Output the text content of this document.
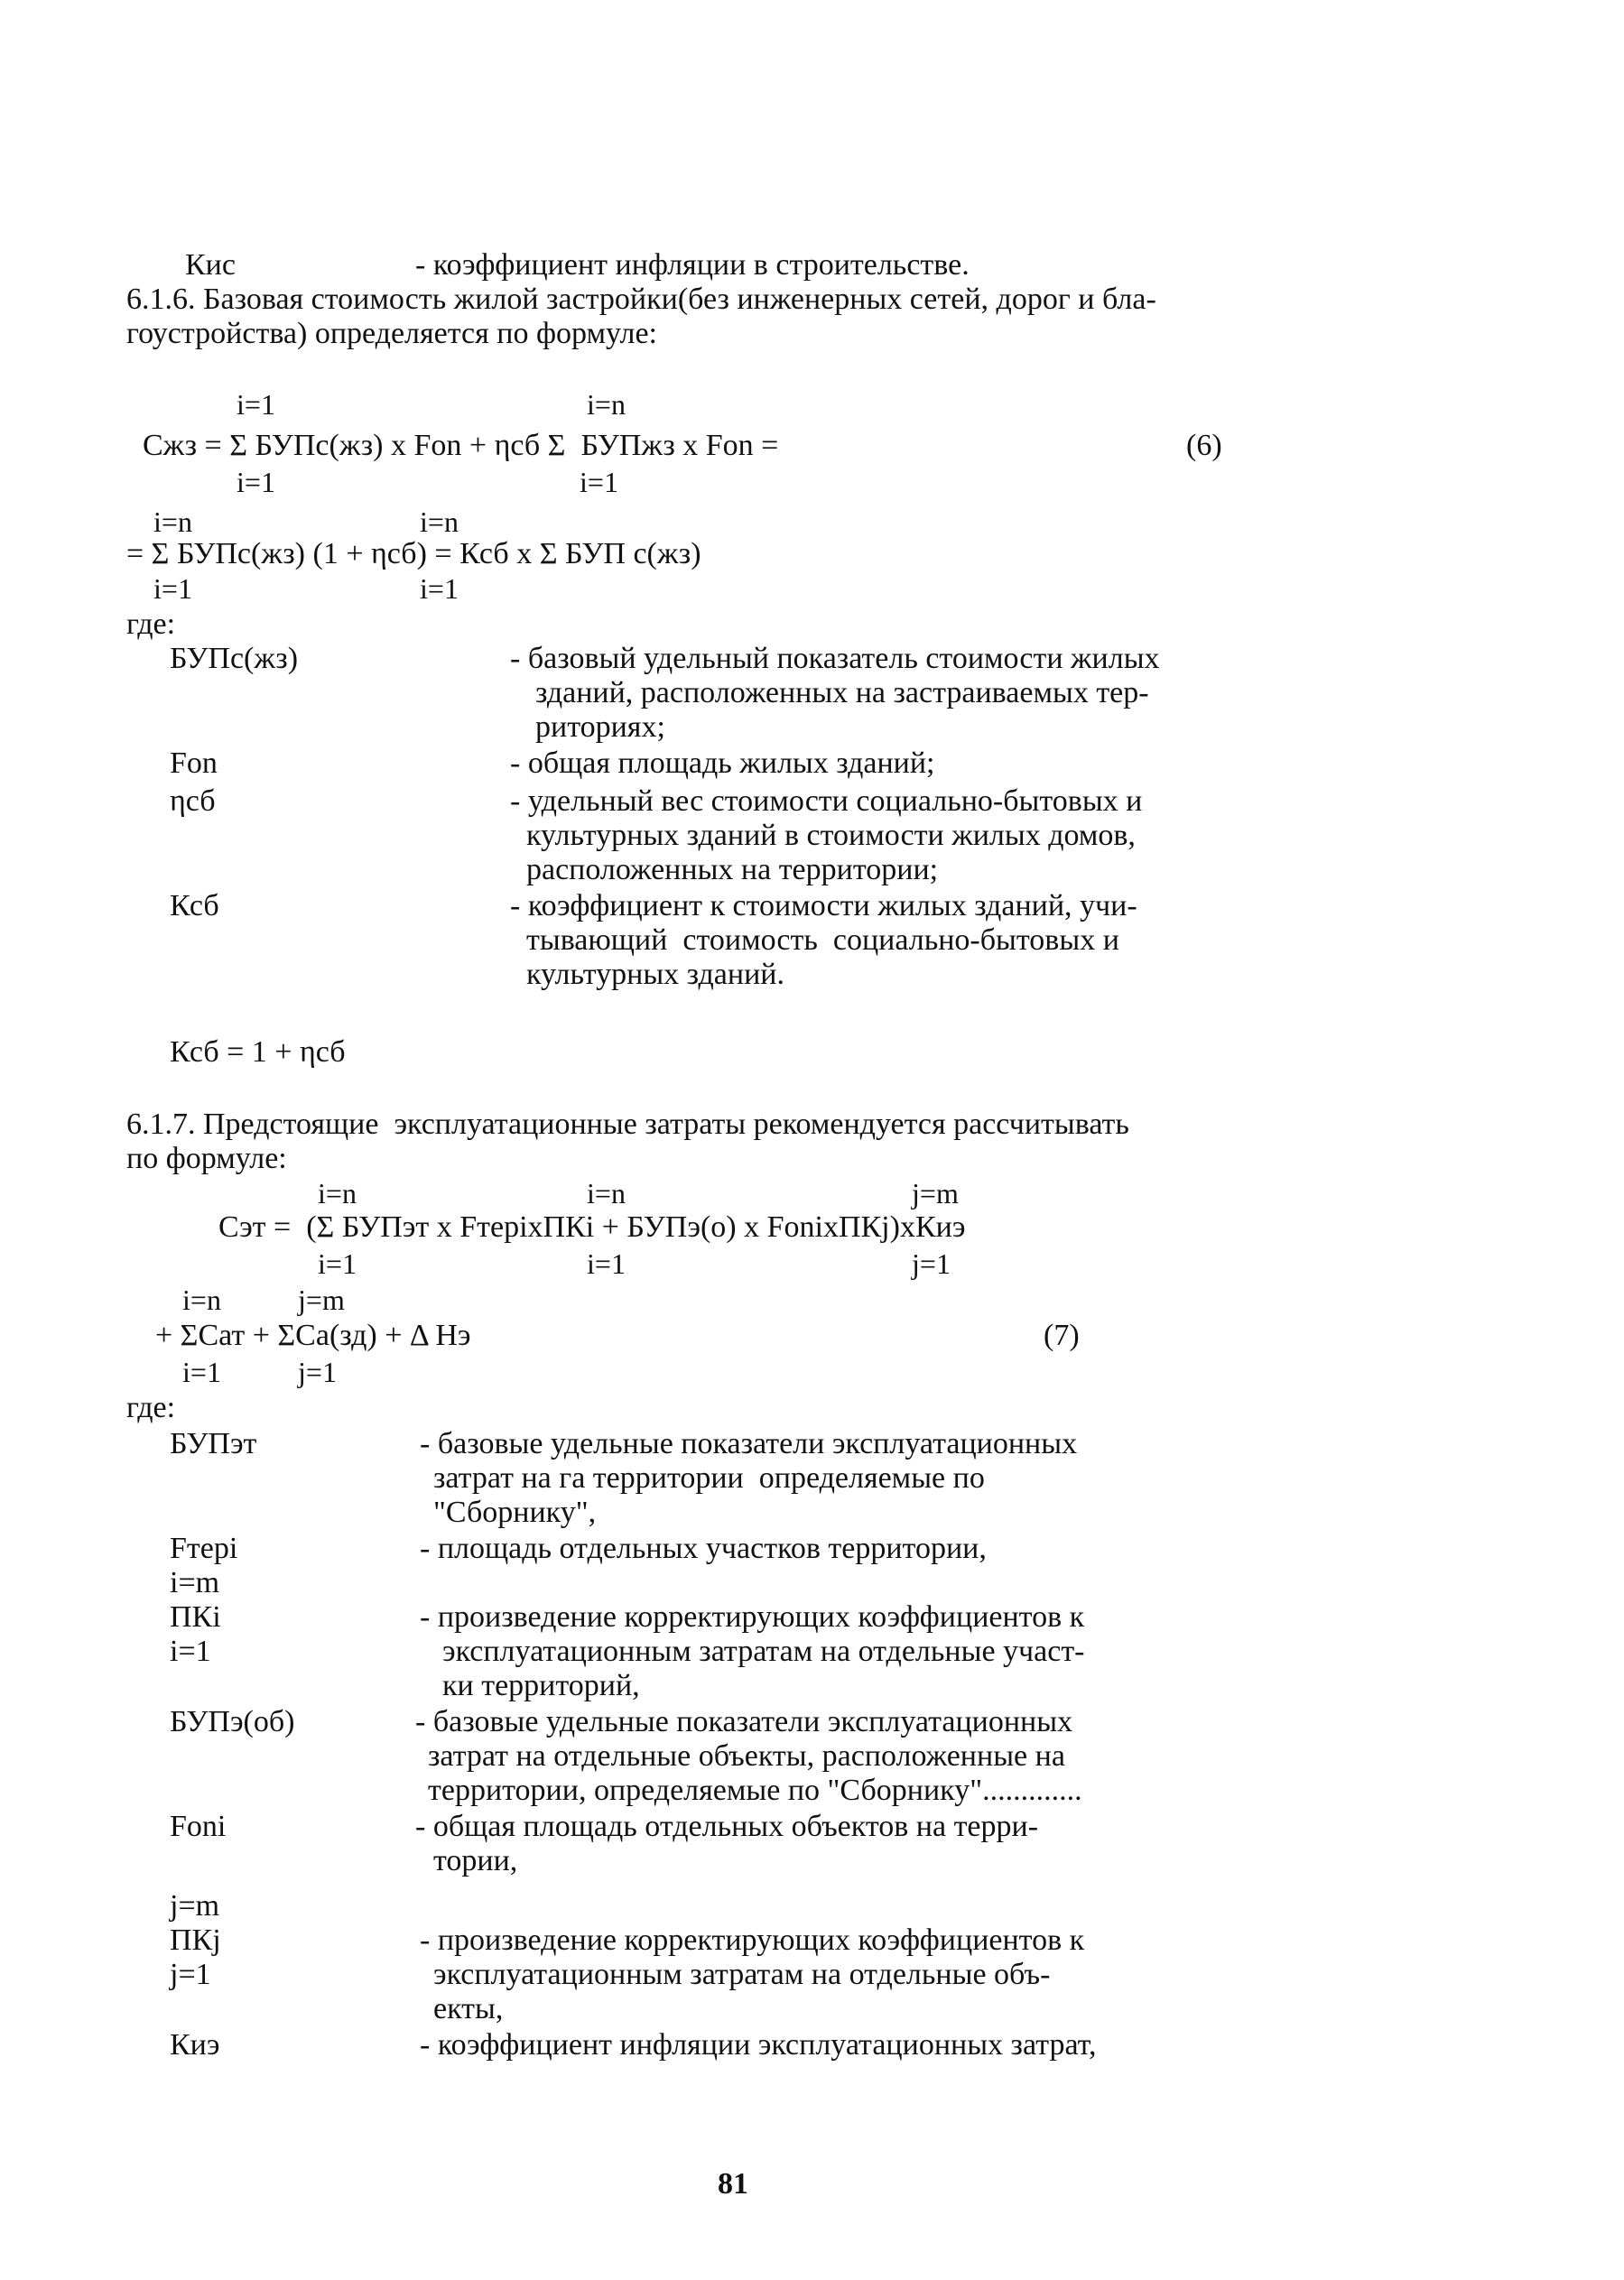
Кис	- коэффициент инфляции в строительстве.
6.1.6. Базовая стоимость жилой застройки(без инженерных сетей, дорог и бла-
гоустройства) определяется по формуле:
i=1	i=n
Сжз = Σ БУПс(жз) х Fon + ηсб Σ  БУПжз х Fon =	(6)
i=1	i=1
i=n	i=n
= Σ БУПс(жз) (1 + ηсб) = Ксб х Σ БУП с(жз)
i=1	i=1
где:
БУПс(жз)	- базовый удельный показатель стоимости жилых
зданий, расположенных на застраиваемых тер-
риториях;
Fon	- общая площадь жилых зданий;
ηсб	- удельный вес стоимости социально-бытовых и
культурных зданий в стоимости жилых домов,
расположенных на территории;
Ксб	- коэффициент к стоимости жилых зданий, учи-
тывающий  стоимость  социально-бытовых и
культурных зданий.
Ксб = 1 + ηсб
6.1.7. Предстоящие  эксплуатационные затраты рекомендуется рассчитывать
по формуле:
i=n	i=n	j=m
Сэт =  (Σ БУПэт х FтеріхПКі + БУПэ(о) х FonixПКj)хКиэ
i=1	i=1	j=1
i=n	j=m
+ ΣСат + ΣСа(зд) + Δ Нэ	(7)
i=1	j=1
где:
БУПэт	- базовые удельные показатели эксплуатационных
затрат на га территории  определяемые по
"Сборнику",
Fтері	- площадь отдельных участков территории,
i=m
ПКі	- произведение корректирующих коэффициентов к
i=1	эксплуатационным затратам на отдельные участ-
ки территорий,
БУПэ(об)	- базовые удельные показатели эксплуатационных
затрат на отдельные объекты, расположенные на
территории, определяемые по "Сборнику".............
Fonі	- общая площадь отдельных объектов на терри-
тории,
j=m
ПКj	- произведение корректирующих коэффициентов к
j=1	эксплуатационным затратам на отдельные объ-
екты,
Киэ	- коэффициент инфляции эксплуатационных затрат,
81
